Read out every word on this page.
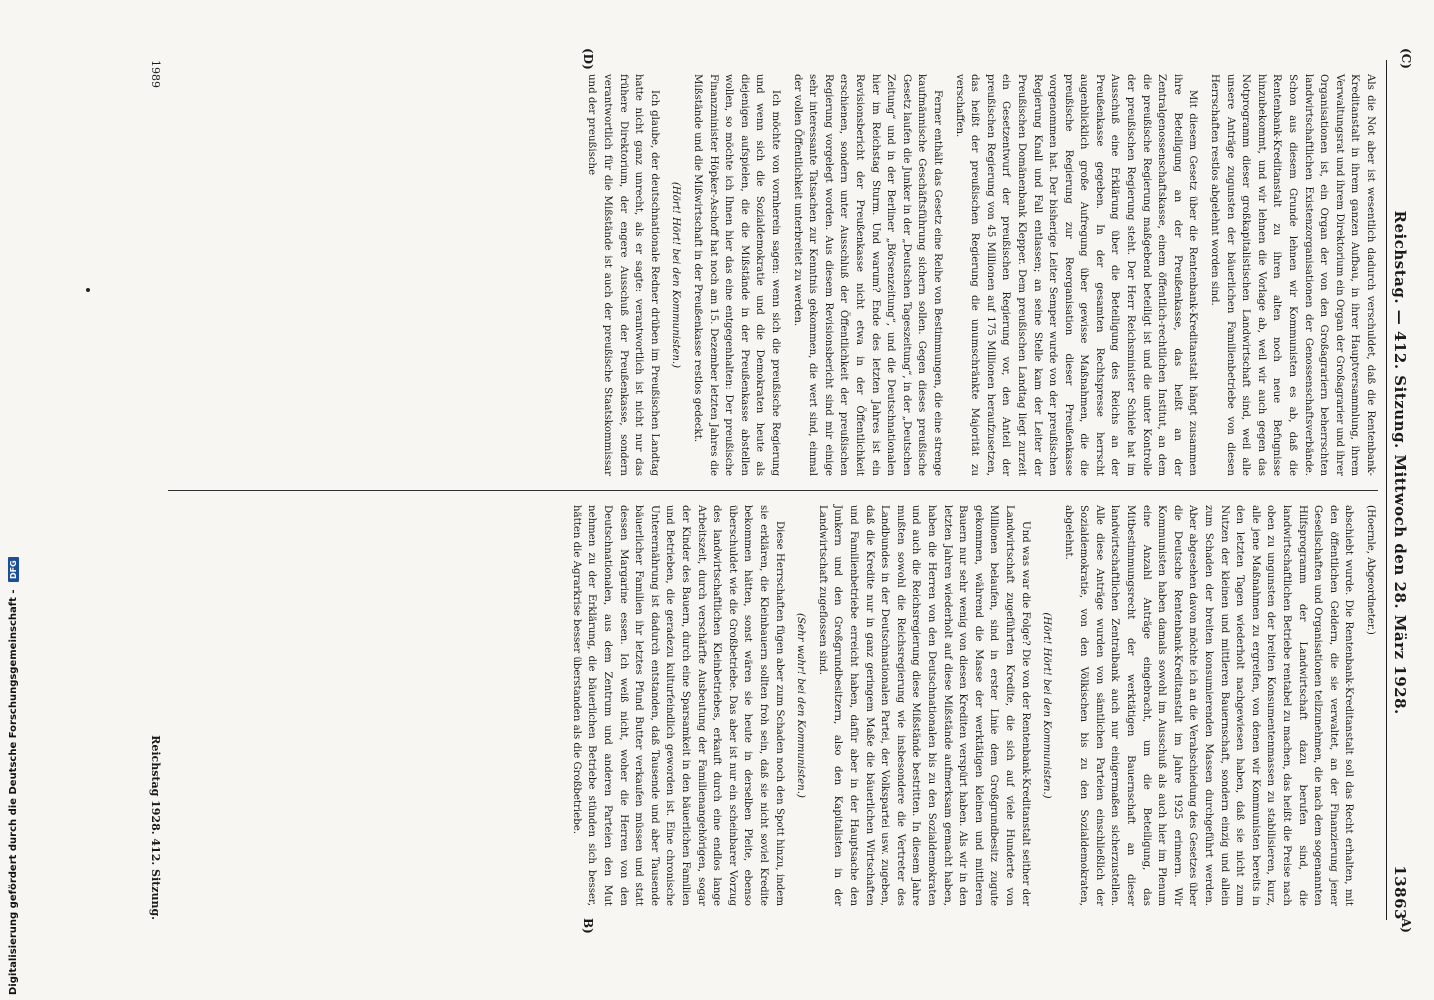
Reichstag. — 412. Sitzung. Mittwoch den 28. März 1928.
13863

Als die Not aber ist wesentlich dadurch verschuldet, daß die Rentenbank-Kreditanstalt in ihrem ganzen Aufbau, in ihrer Hauptversammlung, ihrem Verwaltungsrat und ihrem Direktorium ein Organ der Großagrarier und ihrer Organisationen ist, ein Organ der von den Großagrariern beherrschten landwirtschaftlichen Existenzorganisationen der Genossenschaftsverbände. Schon aus diesem Grunde lehnen wir Kommunisten es ab, daß die Rentenbank-Kreditanstalt zu ihren alten noch neue Befugnisse hinzubekommt, und wir lehnen die Vorlage ab, weil wir auch gegen das Notprogramm dieser großkapitalistischen Landwirtschaft sind, weil alle unsere Anträge zugunsten der bäuerlichen Familienbetriebe von diesen Herrschaften restlos abgelehnt worden sind.

Mit diesem Gesetz über die Rentenbank-Kreditanstalt hängt zusammen ihre Beteiligung an der Preußenkasse, das heißt an der Zentralgenossenschaftskasse, einem öffentlich-rechtlichen Institut, an dem die preußische Regierung maßgebend beteiligt ist und die unter Kontrolle der preußischen Regierung steht. Der Herr Reichsminister Schiele hat im Ausschuß eine Erklärung über die Beteiligung des Reichs an der Preußenkasse gegeben. In der gesamten Rechtspresse herrscht augenblicklich große Aufregung über gewisse Maßnahmen, die die preußische Regierung zur Reorganisation dieser Preußenkasse vorgenommen hat. Der bisherige Leiter Semper wurde von der preußischen Regierung Knall und Fall entlassen; an seine Stelle kam der Leiter der Preußischen Domänenbank Klepper. Dem preußischen Landtag liegt zurzeit ein Gesetzentwurf der preußischen Regierung vor, den Anteil der preußischen Regierung von 45 Millionen auf 175 Millionen heraufzusetzen, das heißt der preußischen Regierung die unumschränkte Majorität zu verschaffen.

Ferner enthält das Gesetz eine Reihe von Bestimmungen, die eine strenge kaufmännische Geschäftsführung sichern sollen. Gegen dieses preußische Gesetz laufen die Junker in der „Deutschen Tageszeitung“, in der „Deutschen Zeitung“ und in der Berliner „Börsenzeitung“, und die Deutschnationalen hier im Reichstag Sturm. Und warum? Ende des letzten Jahres ist ein Revisionsbericht der Preußenkasse nicht etwa in der Öffentlichkeit erschienen, sondern unter Ausschluß der Öffentlichkeit der preußischen Regierung vorgelegt worden. Aus diesem Revisionsbericht sind mir einige sehr interessante Tatsachen zur Kenntnis gekommen, die wert sind, einmal der vollen Öffentlichkeit unterbreitet zu werden.

Ich möchte von vornherein sagen: wenn sich die preußische Regierung und wenn sich die Sozialdemokratie und die Demokraten heute als diejenigen aufspielen, die die Mißstände in der Preußenkasse abstellen wollen, so möchte ich Ihnen hier das eine entgegenhalten: Der preußische Finanzminister Höpker-Aschoff hat noch am 15. Dezember letzten Jahres die Mißstände und die Mißwirtschaft in der Preußenkasse restlos gedeckt.

(Hört! Hört! bei den Kommunisten.)

Ich glaube, der deutschnationale Redner drüben im Preußischen Landtag hatte nicht ganz unrecht, als er sagte: verantwortlich ist nicht nur das frühere Direktorium, der engere Ausschuß der Preußenkasse, sondern verantwortlich für die Mißstände ist auch der preußische Staatskommissar und der preußische

(Hoernle, Abgeordneter.)

abschiebt wurde. Die Rentenbank-Kreditanstalt soll das Recht erhalten, mit den öffentlichen Geldern, die sie verwaltet, an der Finanzierung jener Gesellschaften und Organisationen teilzunehmen, die nach dem sogenannten Hilfsprogramm der Landwirtschaft dazu berufen sind, die landwirtschaftlichen Betriebe rentabel zu machen, das heißt die Preise nach oben zu ungunsten der breiten Konsumentenmassen zu stabilisieren, kurz, alle jene Maßnahmen zu ergreifen, von denen wir Kommunisten bereits in den letzten Tagen wiederholt nachgewiesen haben, daß sie nicht zum Nutzen der kleinen und mittleren Bauernschaft, sondern einzig und allein zum Schaden der breiten konsumierenden Massen durchgeführt werden. Aber abgesehen davon möchte ich an die Verabschiedung des Gesetzes über die Deutsche Rentenbank-Kreditanstalt im Jahre 1925 erinnern. Wir Kommunisten haben damals sowohl im Ausschuß als auch hier im Plenum eine Anzahl Anträge eingebracht, um die Beteiligung, das Mitbestimmungsrecht der werktätigen Bauernschaft an dieser landwirtschaftlichen Zentralbank auch nur einigermaßen sicherzustellen. Alle diese Anträge wurden von sämtlichen Parteien einschließlich der Sozialdemokratie, von den Völkischen bis zu den Sozialdemokraten, abgelehnt.

(Hört! Hört! bei den Kommunisten.)

Und was war die Folge? Die von der Rentenbank-Kreditanstalt seither der Landwirtschaft zugeführten Kredite, die sich auf viele Hunderte von Millionen belaufen, sind in erster Linie dem Großgrundbesitz zugute gekommen, während die Masse der werktätigen kleinen und mittleren Bauern nur sehr wenig von diesen Krediten verspürt haben. Als wir in den letzten Jahren wiederholt auf diese Mißstände aufmerksam gemacht haben, haben die Herren von den Deutschnationalen bis zu den Sozialdemokraten und auch die Reichsregierung diese Mißstände bestritten. In diesem Jahre mußten sowohl die Reichsregierung wie insbesondere die Vertreter des Landbundes in der Deutschnationalen Partei, der Volkspartei usw. zugeben, daß die Kredite nur in ganz geringem Maße die bäuerlichen Wirtschaften und Familienbetriebe erreicht haben, dafür aber in der Hauptsache den Junkern und den Großgrundbesitzern, also den Kapitalisten in der Landwirtschaft zugeflossen sind.

(Sehr wahr! bei den Kommunisten.)

Diese Herrschaften fügen aber zum Schaden noch den Spott hinzu, indem sie erklären, die Kleinbauern sollten froh sein, daß sie nicht soviel Kredite bekommen hätten, sonst wären sie heute in derselben Pleite, ebenso überschuldet wie die Großbetriebe. Das aber ist nur ein scheinbarer Vorzug des landwirtschaftlichen Kleinbetriebes, erkauft durch eine endlos lange Arbeitszeit, durch verschärfte Ausbeutung der Familienangehörigen, sogar der Kinder des Bauern, durch eine Sparsamkeit in den bäuerlichen Familien und Betrieben, die geradezu kulturfeindlich geworden ist. Eine chronische Unterernährung ist dadurch entstanden, daß Tausende und aber Tausende bäuerlicher Familien ihr letztes Pfund Butter verkaufen müssen und statt dessen Margarine essen. Ich weiß nicht, woher die Herren von den Deutschnationalen, aus dem Zentrum und anderen Parteien den Mut nehmen zu der Erklärung, die bäuerlichen Betriebe stünden sich besser, hätten die Agrarkrise besser überstanden als die Großbetriebe.

1989
Reichstag 1928. 412. Sitzung.
(C)
(D)
A)
B)
Digitalisierung gefördert durch die Deutsche Forschungsgemeinschaft - DFG
